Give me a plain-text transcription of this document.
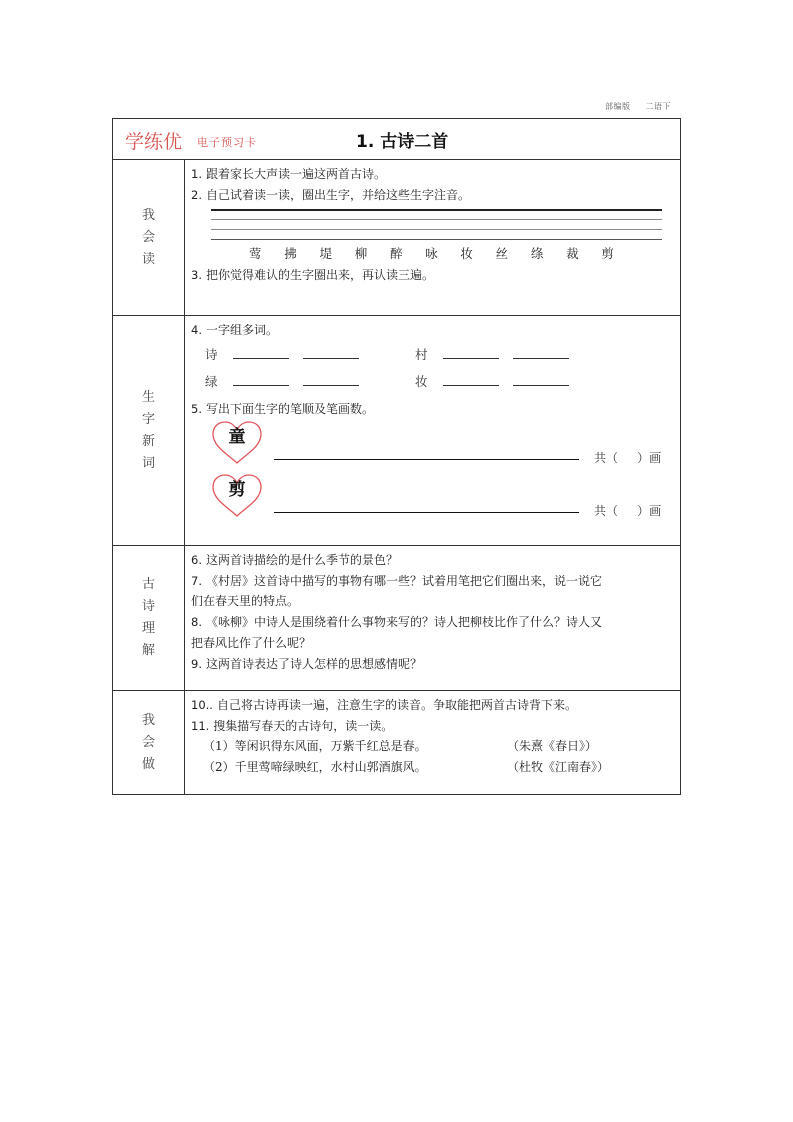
部编版 二语下
学练优 电子预习卡	1. 古诗二首
我
会
读
1. 跟着家长大声读一遍这两首古诗。
2. 自己试着读一读，圈出生字，并给这些生字注音。
莺 拂 堤 柳 醉 咏 妆 丝 绦 裁 剪
3. 把你觉得难认的生字圈出来，再认读三遍。
生
字
新
词
4. 一字组多词。
诗	村
绿	妆
5. 写出下面生字的笔顺及笔画数。
童
共（ ）画
剪
共（ ）画
古
诗
理
解
6. 这两首诗描绘的是什么季节的景色？
7. 《村居》这首诗中描写的事物有哪一些？试着用笔把它们圈出来，说一说它
们在春天里的特点。
8. 《咏柳》中诗人是围绕着什么事物来写的？诗人把柳枝比作了什么？诗人又
把春风比作了什么呢？
9. 这两首诗表达了诗人怎样的思想感情呢？
我
会
做
10.. 自己将古诗再读一遍，注意生字的读音。争取能把两首古诗背下来。
11. 搜集描写春天的古诗句，读一读。
（1）等闲识得东风面，万紫千红总是春。	（朱熹《春日》）
（2）千里莺啼绿映红，水村山郭酒旗风。	（杜牧《江南春》）
